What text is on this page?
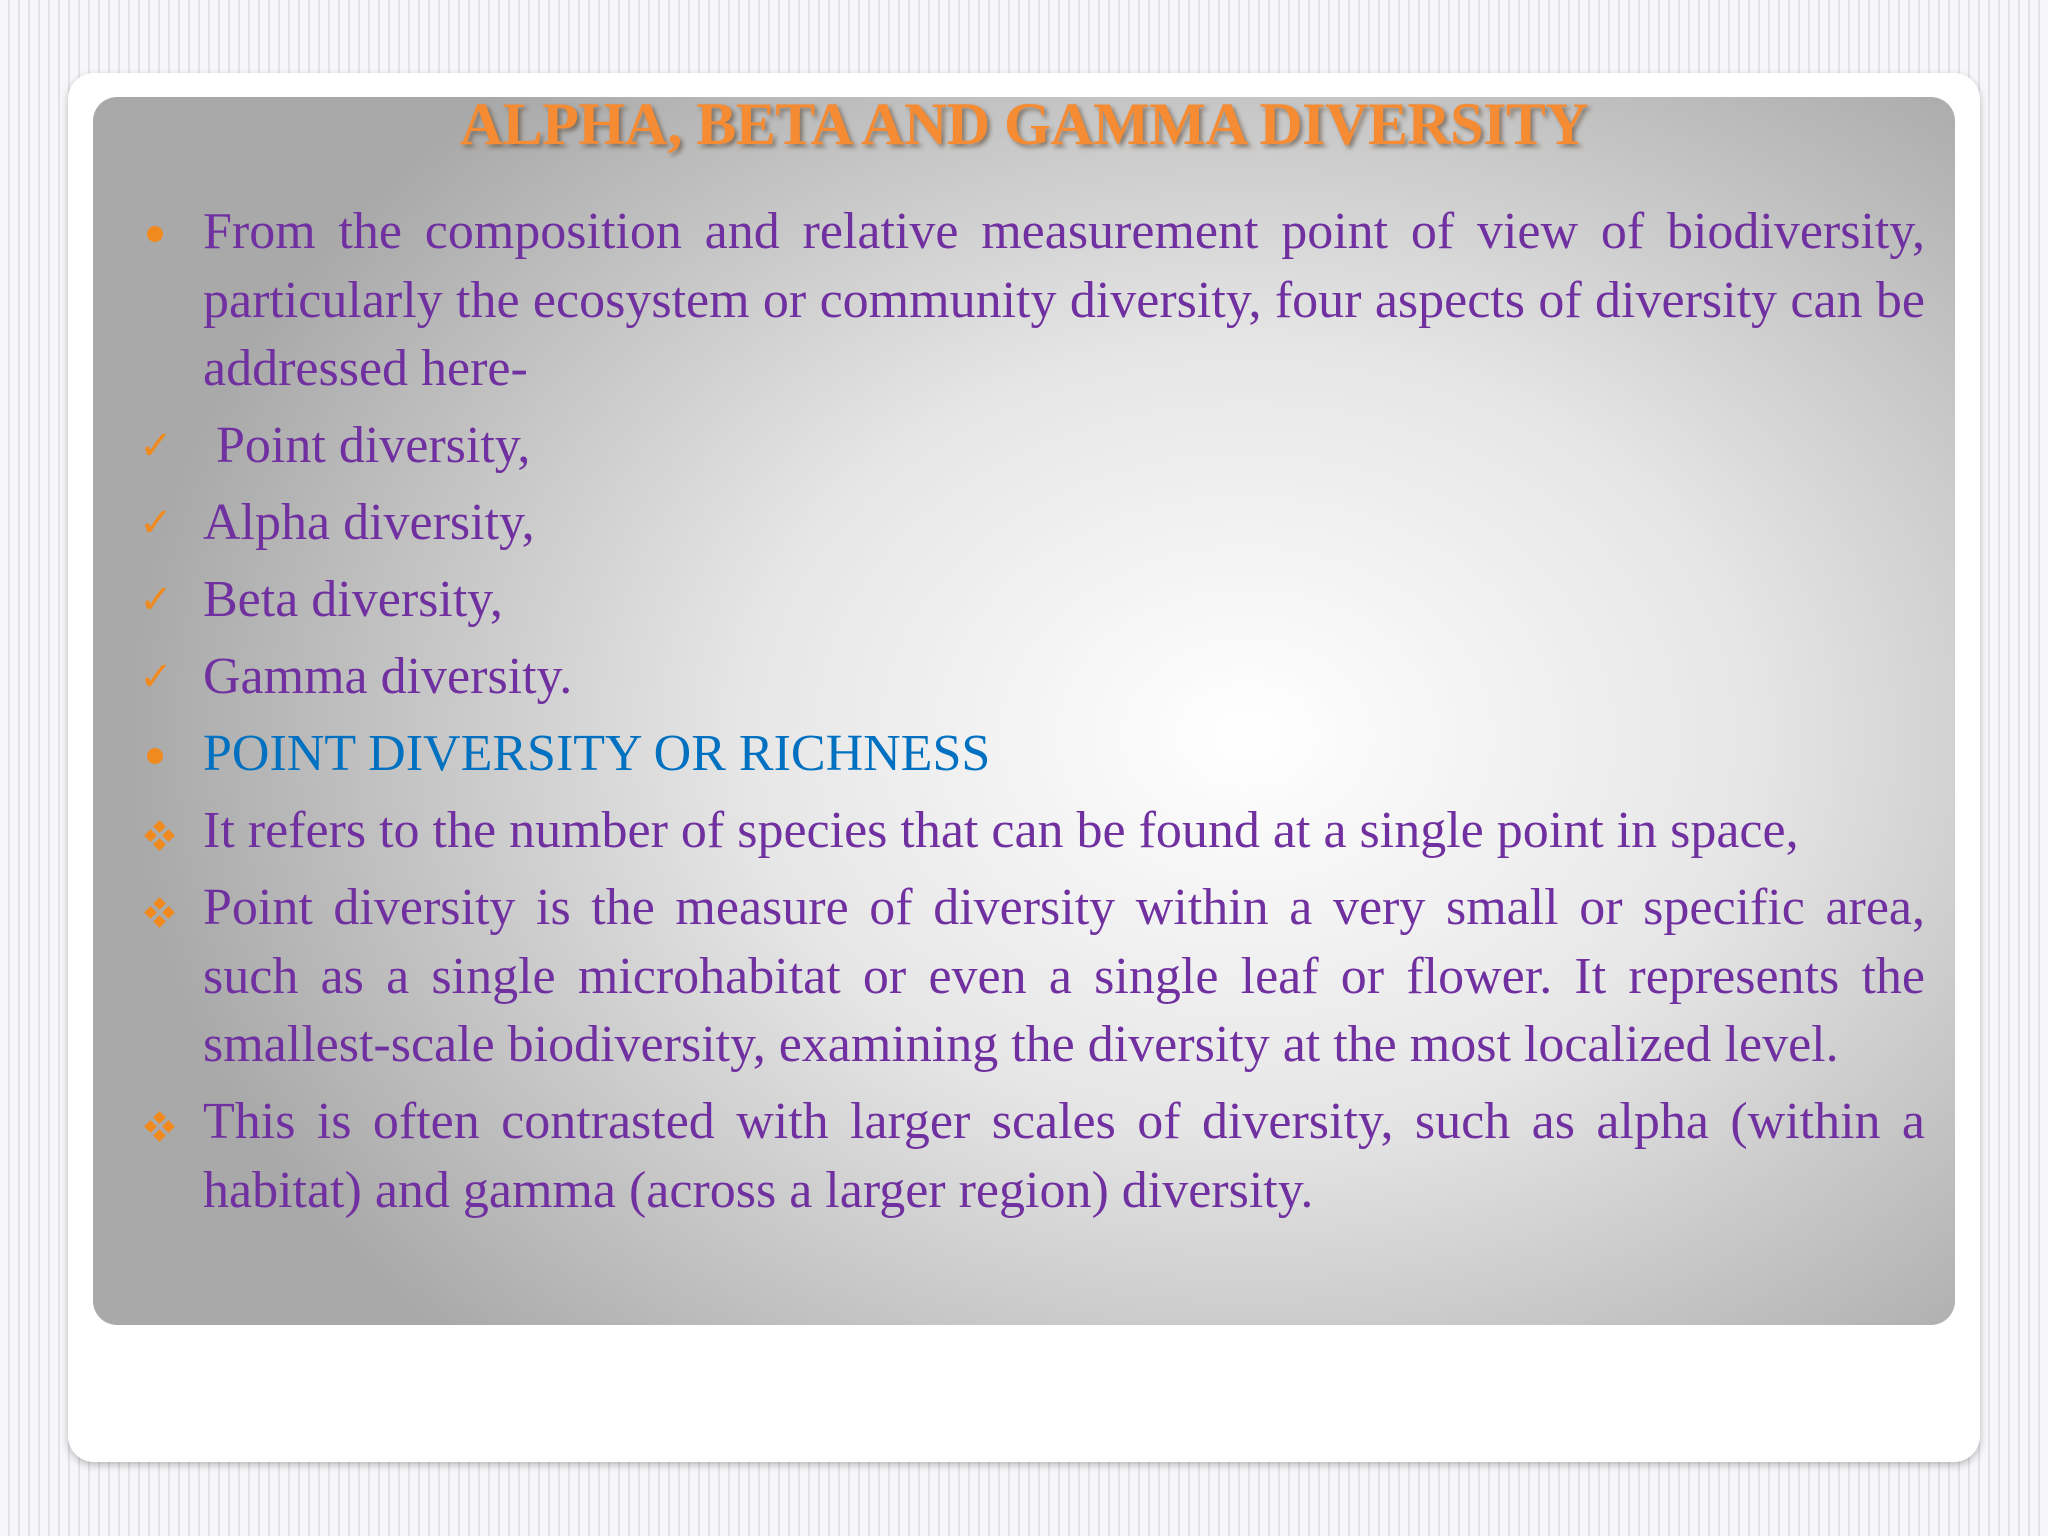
ALPHA, BETA AND GAMMA DIVERSITY
From the composition and relative measurement point of view of biodiversity, particularly the ecosystem or community diversity, four aspects of diversity can be addressed here-
✓ Point diversity,
✓ Alpha diversity,
✓ Beta diversity,
✓ Gamma diversity.
POINT DIVERSITY OR RICHNESS
It refers to the number of species that can be found at a single point in space,
Point diversity is the measure of diversity within a very small or specific area, such as a single microhabitat or even a single leaf or flower. It represents the smallest-scale biodiversity, examining the diversity at the most localized level.
This is often contrasted with larger scales of diversity, such as alpha (within a habitat) and gamma (across a larger region) diversity.
